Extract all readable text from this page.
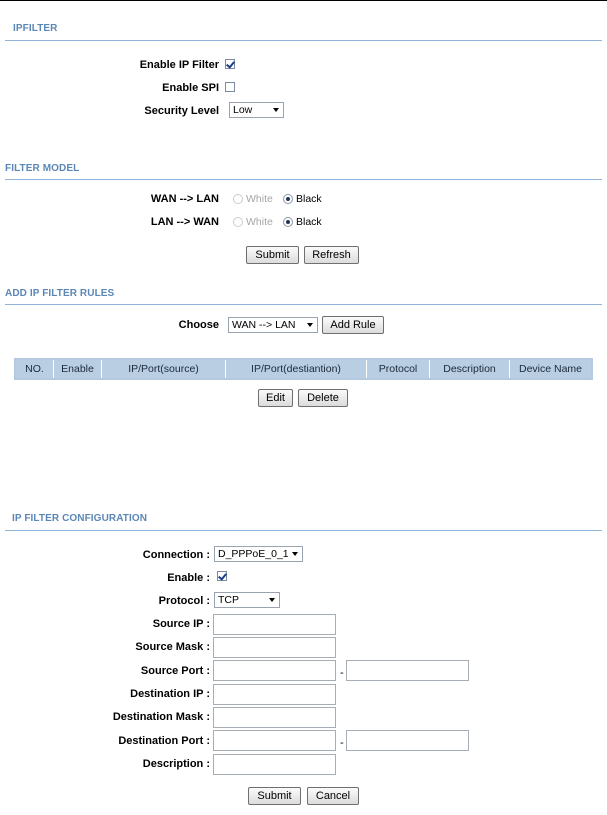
IPFILTER
Enable IP Filter
Enable SPI
Security Level	Low
FILTER MODEL
WAN --> LAN	White Black
LAN --> WAN	White Black
Submit	Refresh
ADD IP FILTER RULES
Choose	WAN --> LAN	Add Rule
NO.	Enable	IP/Port(source)	IP/Port(destiantion)	Protocol	Description	Device Name
Edit	Delete
IP FILTER CONFIGURATION
Connection : D_PPPoE_0_1
Enable :
Protocol : TCP
Source IP :
Source Mask :
Source Port :	-
Destination IP :
Destination Mask :
Destination Port :	-
Description :
Submit	Cancel
